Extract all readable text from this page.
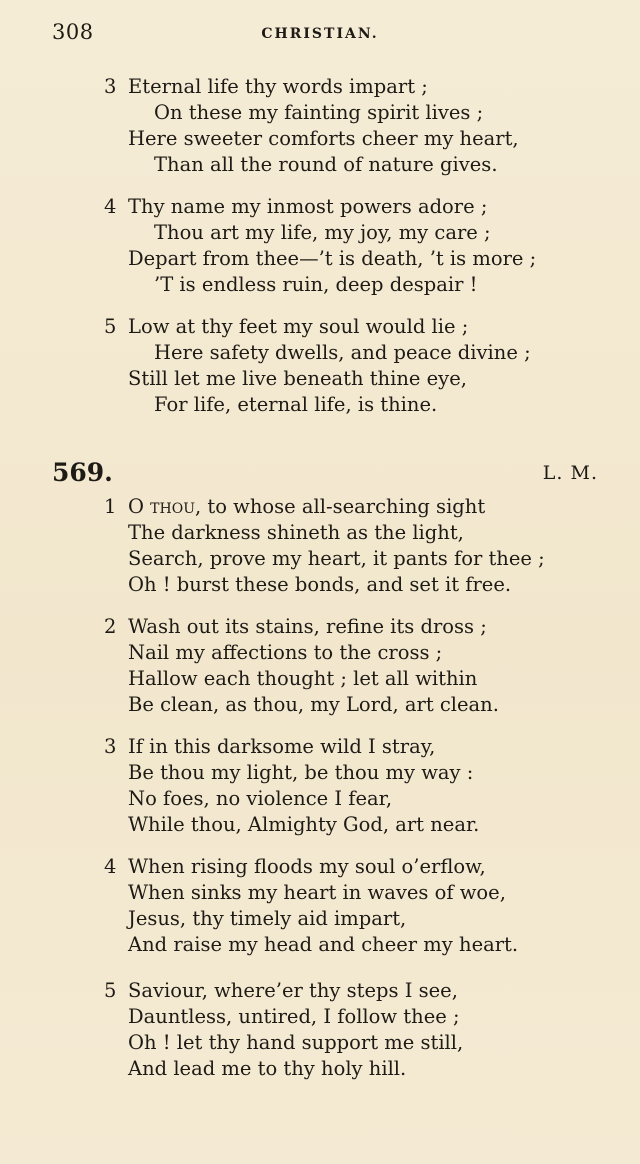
308	CHRISTIAN.
3 Eternal life thy words impart ;
On these my fainting spirit lives ;
Here sweeter comforts cheer my heart,
Than all the round of nature gives.
4 Thy name my inmost powers adore ;
Thou art my life, my joy, my care ;
Depart from thee—’t is death, ’t is more ;
’T is endless ruin, deep despair !
5 Low at thy feet my soul would lie ;
Here safety dwells, and peace divine ;
Still let me live beneath thine eye,
For life, eternal life, is thine.
569.	L. M.
1 O thou, to whose all-searching sight
The darkness shineth as the light,
Search, prove my heart, it pants for thee ;
Oh ! burst these bonds, and set it free.
2 Wash out its stains, refine its dross ;
Nail my affections to the cross ;
Hallow each thought ; let all within
Be clean, as thou, my Lord, art clean.
3 If in this darksome wild I stray,
Be thou my light, be thou my way :
No foes, no violence I fear,
While thou, Almighty God, art near.
4 When rising floods my soul o’erflow,
When sinks my heart in waves of woe,
Jesus, thy timely aid impart,
And raise my head and cheer my heart.
5 Saviour, where’er thy steps I see,
Dauntless, untired, I follow thee ;
Oh ! let thy hand support me still,
And lead me to thy holy hill.
